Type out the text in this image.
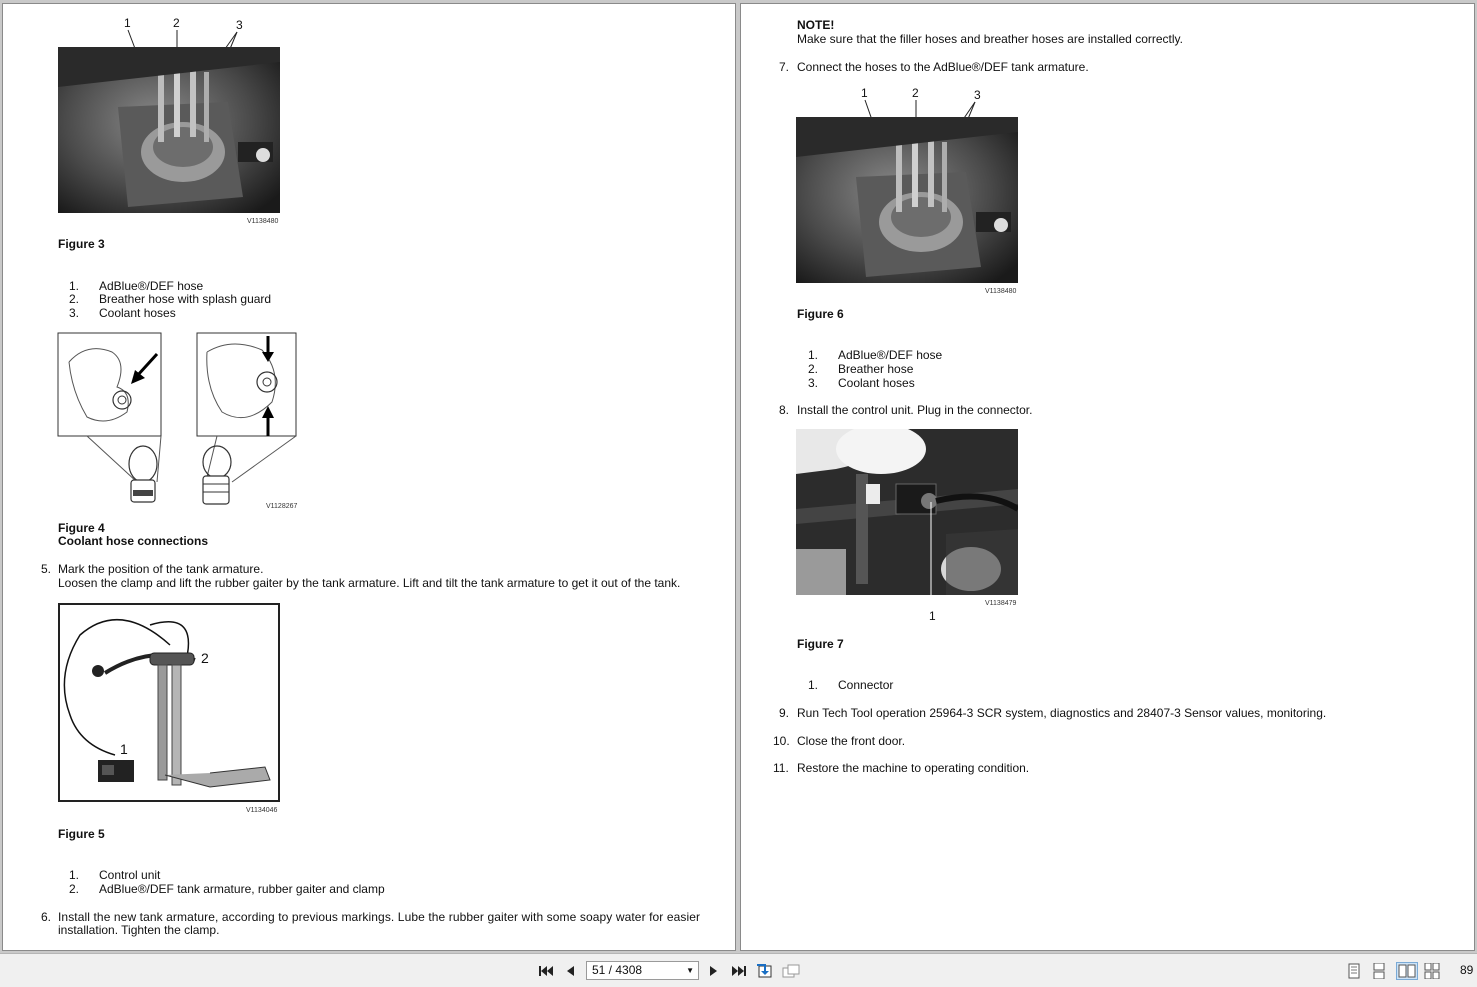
1	2	3
V1138480
Figure 3
1. AdBlue®/DEF hose
2. Breather hose with splash guard
3. Coolant hoses
V1128267
Figure 4
Coolant hose connections
5. Mark the position of the tank armature.
Loosen the clamp and lift the rubber gaiter by the tank armature. Lift and tilt the tank armature to get it out of the tank.
2
1
V1134046
Figure 5
1. Control unit
2. AdBlue®/DEF tank armature, rubber gaiter and clamp
6. Install the new tank armature, according to previous markings. Lube the rubber gaiter with some soapy water for easier
installation. Tighten the clamp.
NOTE!
Make sure that the filler hoses and breather hoses are installed correctly.
7. Connect the hoses to the AdBlue®/DEF tank armature.
1	2	3
V1138480
Figure 6
1. AdBlue®/DEF hose
2. Breather hose
3. Coolant hoses
8. Install the control unit. Plug in the connector.
V1138479
1
Figure 7
1. Connector
9. Run Tech Tool operation 25964-3 SCR system, diagnostics and 28407-3 Sensor values, monitoring.
10. Close the front door.
11. Restore the machine to operating condition.
51 / 4308	▼	89
